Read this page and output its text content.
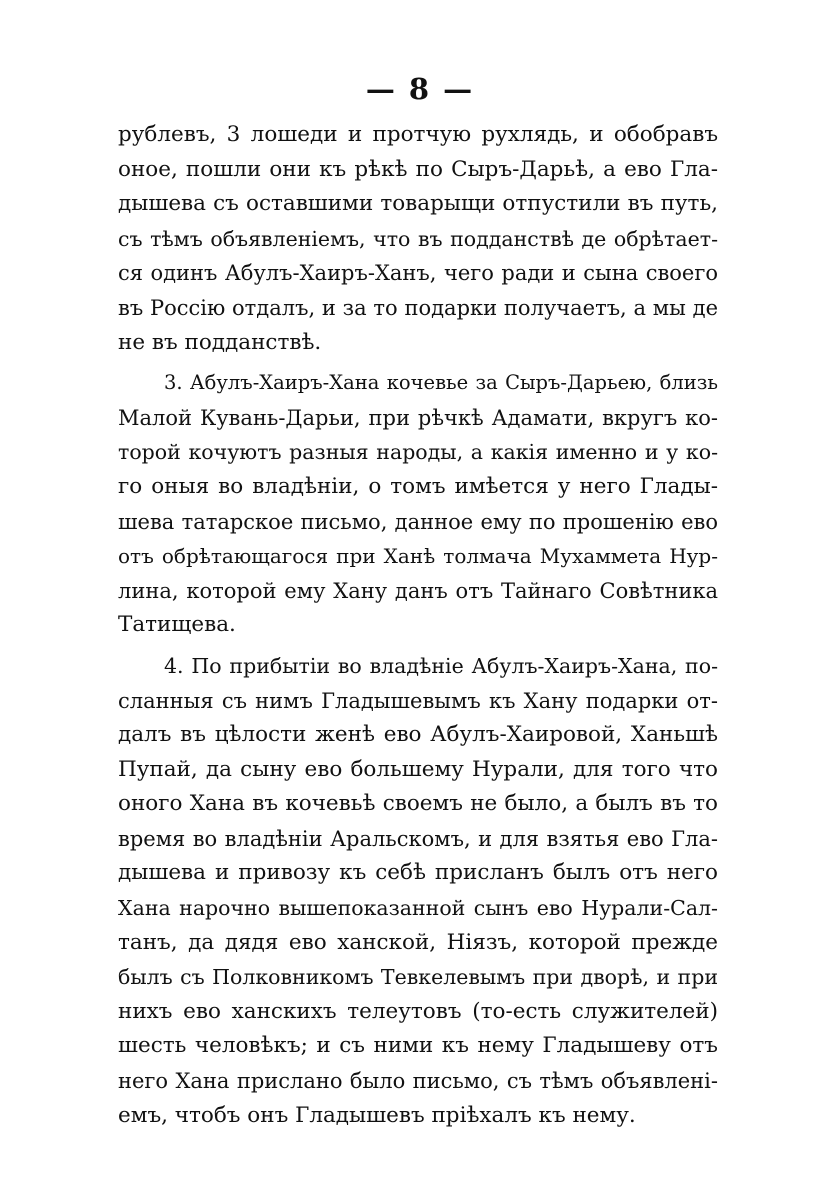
— 8 —
рублевъ, 3 лошеди и протчую рухлядь, и обобравъ
оное, пошли они къ рѣкѣ по Сыръ-Дарьѣ, а ево Гла-
дышева съ оставшими товарыщи отпустили въ путь,
съ тѣмъ объявленіемъ, что въ подданствѣ де обрѣтает-
ся одинъ Абулъ-Хаиръ-Ханъ, чего ради и сына своего
въ Россію отдалъ, и за то подарки получаетъ, а мы де
не въ подданствѣ.
3. Абулъ-Хаиръ-Хана кочевье за Сыръ-Дарьею, близь
Малой Кувань-Дарьи, при рѣчкѣ Адамати, вкругъ ко-
торой кочуютъ разныя народы, а какія именно и у ко-
го оныя во владѣніи, о томъ имѣется у него Глады-
шева татарское письмо, данное ему по прошенію ево
отъ обрѣтающагося при Ханѣ толмача Мухаммета Нур-
лина, которой ему Хану данъ отъ Тайнаго Совѣтника
Татищева.
4. По прибытіи во владѣніе Абулъ-Хаиръ-Хана, по-
сланныя съ нимъ Гладышевымъ къ Хану подарки от-
далъ въ цѣлости женѣ ево Абулъ-Хаировой, Ханьшѣ
Пупай, да сыну ево большему Нурали, для того что
оного Хана въ кочевьѣ своемъ не было, а былъ въ то
время во владѣніи Аральскомъ, и для взятья ево Гла-
дышева и привозу къ себѣ присланъ былъ отъ него
Хана нарочно вышепоказанной сынъ ево Нурали-Сал-
танъ, да дядя ево ханской, Ніязъ, которой прежде
былъ съ Полковникомъ Тевкелевымъ при дворѣ, и при
нихъ ево ханскихъ телеутовъ (то-есть служителей)
шесть человѣкъ; и съ ними къ нему Гладышеву отъ
него Хана прислано было письмо, съ тѣмъ объявлені-
емъ, чтобъ онъ Гладышевъ пріѣхалъ къ нему.
